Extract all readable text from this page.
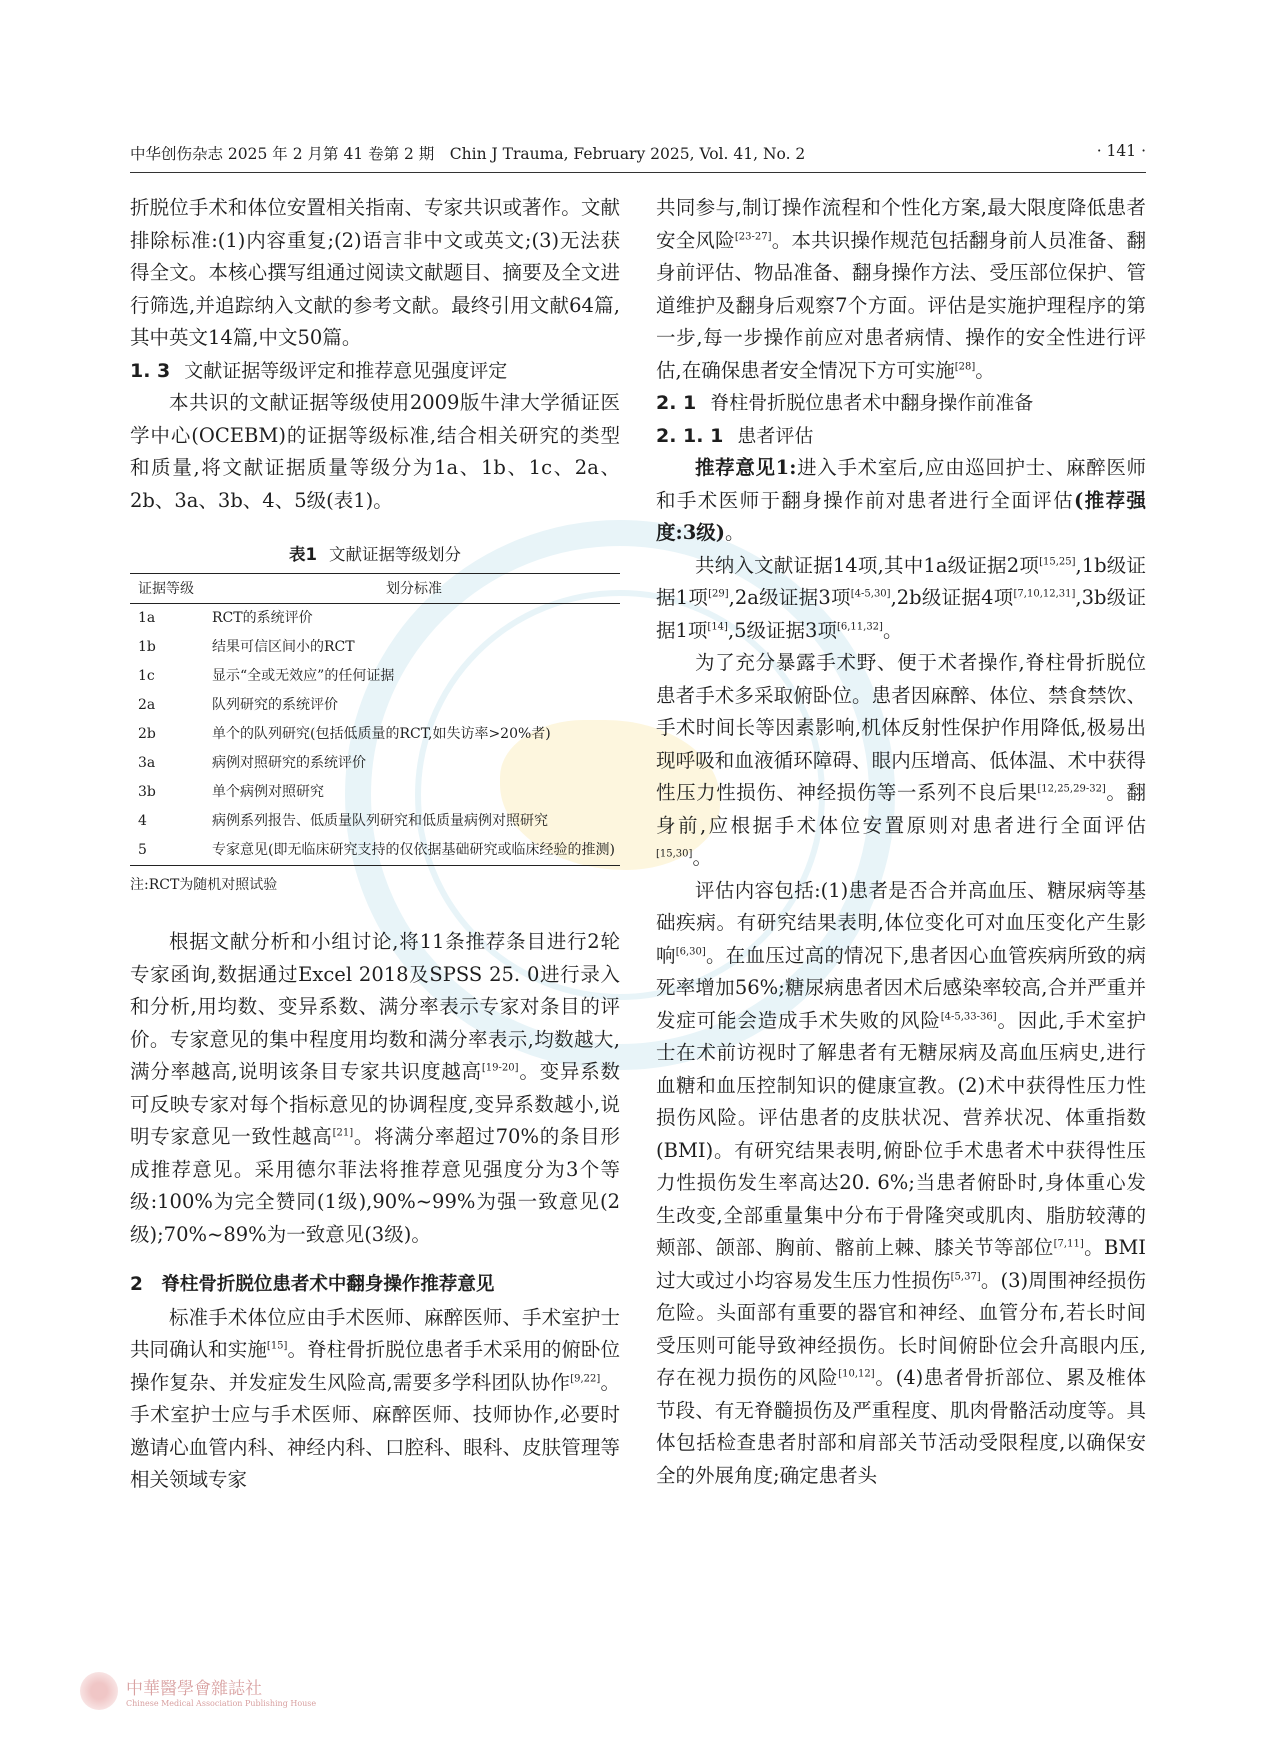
中华创伤杂志 2025 年 2 月第 41 卷第 2 期　Chin J Trauma, February 2025, Vol. 41, No. 2	· 141 ·

折脱位手术和体位安置相关指南、专家共识或著作。文献排除标准:(1)内容重复;(2)语言非中文或英文;(3)无法获得全文。本核心撰写组通过阅读文献题目、摘要及全文进行筛选,并追踪纳入文献的参考文献。最终引用文献64篇,其中英文14篇,中文50篇。

1. 3 文献证据等级评定和推荐意见强度评定

本共识的文献证据等级使用2009版牛津大学循证医学中心(OCEBM)的证据等级标准,结合相关研究的类型和质量,将文献证据质量等级分为1a、1b、1c、2a、2b、3a、3b、4、5级(表1)。

表1 文献证据等级划分
证据等级	划分标准
1a	RCT的系统评价
1b	结果可信区间小的RCT
1c	显示“全或无效应”的任何证据
2a	队列研究的系统评价
2b	单个的队列研究(包括低质量的RCT,如失访率>20%者)
3a	病例对照研究的系统评价
3b	单个病例对照研究
4	病例系列报告、低质量队列研究和低质量病例对照研究
5	专家意见(即无临床研究支持的仅依据基础研究或临床经验的推测)
注:RCT为随机对照试验

根据文献分析和小组讨论,将11条推荐条目进行2轮专家函询,数据通过Excel 2018及SPSS 25. 0进行录入和分析,用均数、变异系数、满分率表示专家对条目的评价。专家意见的集中程度用均数和满分率表示,均数越大,满分率越高,说明该条目专家共识度越高[19-20]。变异系数可反映专家对每个指标意见的协调程度,变异系数越小,说明专家意见一致性越高[21]。将满分率超过70%的条目形成推荐意见。采用德尔菲法将推荐意见强度分为3个等级:100%为完全赞同(1级),90%~99%为强一致意见(2级);70%~89%为一致意见(3级)。

2　脊柱骨折脱位患者术中翻身操作推荐意见

标准手术体位应由手术医师、麻醉医师、手术室护士共同确认和实施[15]。脊柱骨折脱位患者手术采用的俯卧位操作复杂、并发症发生风险高,需要多学科团队协作[9,22]。手术室护士应与手术医师、麻醉医师、技师协作,必要时邀请心血管内科、神经内科、口腔科、眼科、皮肤管理等相关领域专家

共同参与,制订操作流程和个性化方案,最大限度降低患者安全风险[23-27]。本共识操作规范包括翻身前人员准备、翻身前评估、物品准备、翻身操作方法、受压部位保护、管道维护及翻身后观察7个方面。评估是实施护理程序的第一步,每一步操作前应对患者病情、操作的安全性进行评估,在确保患者安全情况下方可实施[28]。

2. 1 脊柱骨折脱位患者术中翻身操作前准备
2. 1. 1 患者评估

推荐意见1:进入手术室后,应由巡回护士、麻醉医师和手术医师于翻身操作前对患者进行全面评估(推荐强度:3级)。

共纳入文献证据14项,其中1a级证据2项[15,25],1b级证据1项[29],2a级证据3项[4-5,30],2b级证据4项[7,10,12,31],3b级证据1项[14],5级证据3项[6,11,32]。

为了充分暴露手术野、便于术者操作,脊柱骨折脱位患者手术多采取俯卧位。患者因麻醉、体位、禁食禁饮、手术时间长等因素影响,机体反射性保护作用降低,极易出现呼吸和血液循环障碍、眼内压增高、低体温、术中获得性压力性损伤、神经损伤等一系列不良后果[12,25,29-32]。翻身前,应根据手术体位安置原则对患者进行全面评估[15,30]。

评估内容包括:(1)患者是否合并高血压、糖尿病等基础疾病。有研究结果表明,体位变化可对血压变化产生影响[6,30]。在血压过高的情况下,患者因心血管疾病所致的病死率增加56%;糖尿病患者因术后感染率较高,合并严重并发症可能会造成手术失败的风险[4-5,33-36]。因此,手术室护士在术前访视时了解患者有无糖尿病及高血压病史,进行血糖和血压控制知识的健康宣教。(2)术中获得性压力性损伤风险。评估患者的皮肤状况、营养状况、体重指数(BMI)。有研究结果表明,俯卧位手术患者术中获得性压力性损伤发生率高达20. 6%;当患者俯卧时,身体重心发生改变,全部重量集中分布于骨隆突或肌肉、脂肪较薄的颊部、颌部、胸前、髂前上棘、膝关节等部位[7,11]。BMI过大或过小均容易发生压力性损伤[5,37]。(3)周围神经损伤危险。头面部有重要的器官和神经、血管分布,若长时间受压则可能导致神经损伤。长时间俯卧位会升高眼内压,存在视力损伤的风险[10,12]。(4)患者骨折部位、累及椎体节段、有无脊髓损伤及严重程度、肌肉骨骼活动度等。具体包括检查患者肘部和肩部关节活动受限程度,以确保安全的外展角度;确定患者头

中華醫學會雜誌社
Chinese Medical Association Publishing House
